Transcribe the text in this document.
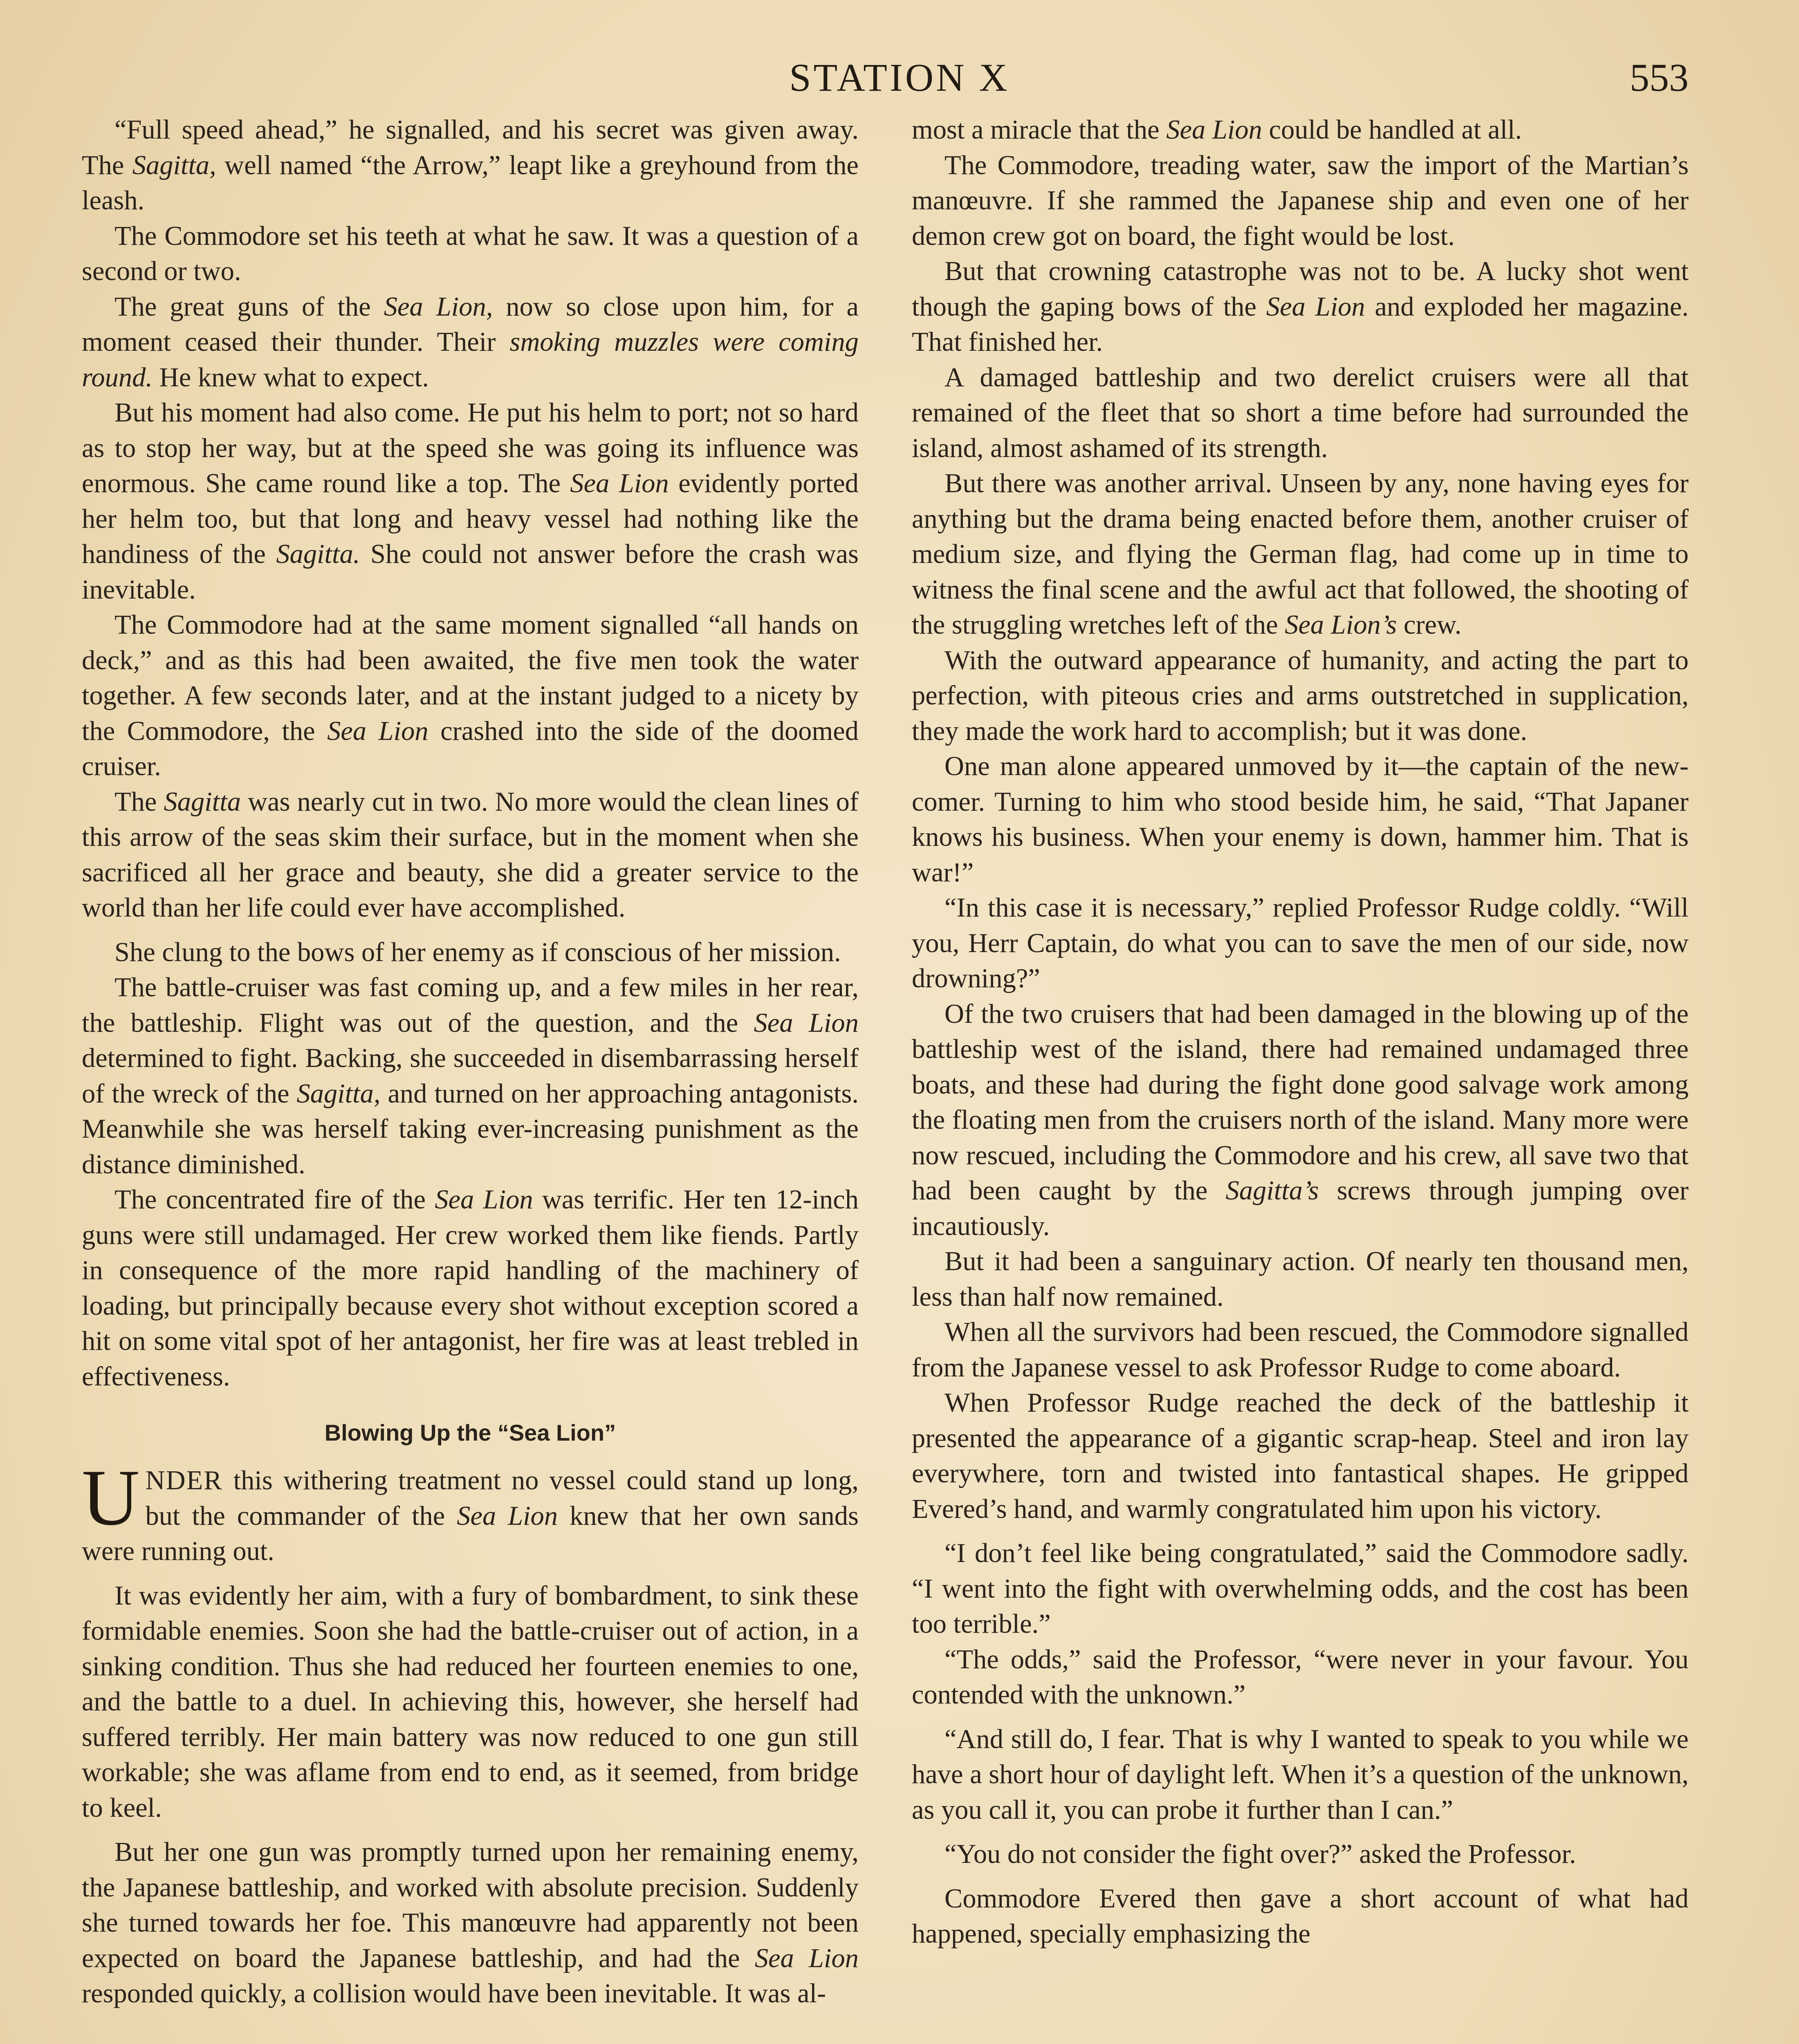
STATION X	553

“Full speed ahead,” he signalled, and his secret was given away. The Sagitta, well named “the Arrow,” leapt like a greyhound from the leash.

The Commodore set his teeth at what he saw. It was a question of a second or two.

The great guns of the Sea Lion, now so close upon him, for a moment ceased their thunder. Their smoking muzzles were coming round. He knew what to expect.

But his moment had also come. He put his helm to port; not so hard as to stop her way, but at the speed she was going its influence was enormous. She came round like a top. The Sea Lion evidently ported her helm too, but that long and heavy vessel had nothing like the handiness of the Sagitta. She could not answer before the crash was inevitable.

The Commodore had at the same moment signalled “all hands on deck,” and as this had been awaited, the five men took the water together. A few seconds later, and at the instant judged to a nicety by the Commodore, the Sea Lion crashed into the side of the doomed cruiser.

The Sagitta was nearly cut in two. No more would the clean lines of this arrow of the seas skim their surface, but in the moment when she sacrificed all her grace and beauty, she did a greater service to the world than her life could ever have accomplished.

She clung to the bows of her enemy as if conscious of her mission.

The battle-cruiser was fast coming up, and a few miles in her rear, the battleship. Flight was out of the question, and the Sea Lion determined to fight. Backing, she succeeded in disembarrassing herself of the wreck of the Sagitta, and turned on her approaching antagonists. Meanwhile she was herself taking ever-increasing punishment as the distance diminished.

The concentrated fire of the Sea Lion was terrific. Her ten 12-inch guns were still undamaged. Her crew worked them like fiends. Partly in consequence of the more rapid handling of the machinery of loading, but principally because every shot without exception scored a hit on some vital spot of her antagonist, her fire was at least trebled in effectiveness.

Blowing Up the “Sea Lion”

UNDER this withering treatment no vessel could stand up long, but the commander of the Sea Lion knew that her own sands were running out.

It was evidently her aim, with a fury of bombardment, to sink these formidable enemies. Soon she had the battle-cruiser out of action, in a sinking condition. Thus she had reduced her fourteen enemies to one, and the battle to a duel. In achieving this, however, she herself had suffered terribly. Her main battery was now reduced to one gun still workable; she was aflame from end to end, as it seemed, from bridge to keel.

But her one gun was promptly turned upon her remaining enemy, the Japanese battleship, and worked with absolute precision. Suddenly she turned towards her foe. This manœuvre had apparently not been expected on board the Japanese battleship, and had the Sea Lion responded quickly, a collision would have been inevitable. It was al-

most a miracle that the Sea Lion could be handled at all.

The Commodore, treading water, saw the import of the Martian’s manœuvre. If she rammed the Japanese ship and even one of her demon crew got on board, the fight would be lost.

But that crowning catastrophe was not to be. A lucky shot went though the gaping bows of the Sea Lion and exploded her magazine. That finished her.

A damaged battleship and two derelict cruisers were all that remained of the fleet that so short a time before had surrounded the island, almost ashamed of its strength.

But there was another arrival. Unseen by any, none having eyes for anything but the drama being enacted before them, another cruiser of medium size, and flying the German flag, had come up in time to witness the final scene and the awful act that followed, the shooting of the struggling wretches left of the Sea Lion’s crew.

With the outward appearance of humanity, and acting the part to perfection, with piteous cries and arms outstretched in supplication, they made the work hard to accomplish; but it was done.

One man alone appeared unmoved by it—the captain of the new-comer. Turning to him who stood beside him, he said, “That Japaner knows his business. When your enemy is down, hammer him. That is war!”

“In this case it is necessary,” replied Professor Rudge coldly. “Will you, Herr Captain, do what you can to save the men of our side, now drowning?”

Of the two cruisers that had been damaged in the blowing up of the battleship west of the island, there had remained undamaged three boats, and these had during the fight done good salvage work among the floating men from the cruisers north of the island. Many more were now rescued, including the Commodore and his crew, all save two that had been caught by the Sagitta’s screws through jumping over incautiously.

But it had been a sanguinary action. Of nearly ten thousand men, less than half now remained.

When all the survivors had been rescued, the Commodore signalled from the Japanese vessel to ask Professor Rudge to come aboard.

When Professor Rudge reached the deck of the battleship it presented the appearance of a gigantic scrap-heap. Steel and iron lay everywhere, torn and twisted into fantastical shapes. He gripped Evered’s hand, and warmly congratulated him upon his victory.

“I don’t feel like being congratulated,” said the Commodore sadly. “I went into the fight with overwhelming odds, and the cost has been too terrible.”

“The odds,” said the Professor, “were never in your favour. You contended with the unknown.”

“And still do, I fear. That is why I wanted to speak to you while we have a short hour of daylight left. When it’s a question of the unknown, as you call it, you can probe it further than I can.”

“You do not consider the fight over?” asked the Professor.

Commodore Evered then gave a short account of what had happened, specially emphasizing the
